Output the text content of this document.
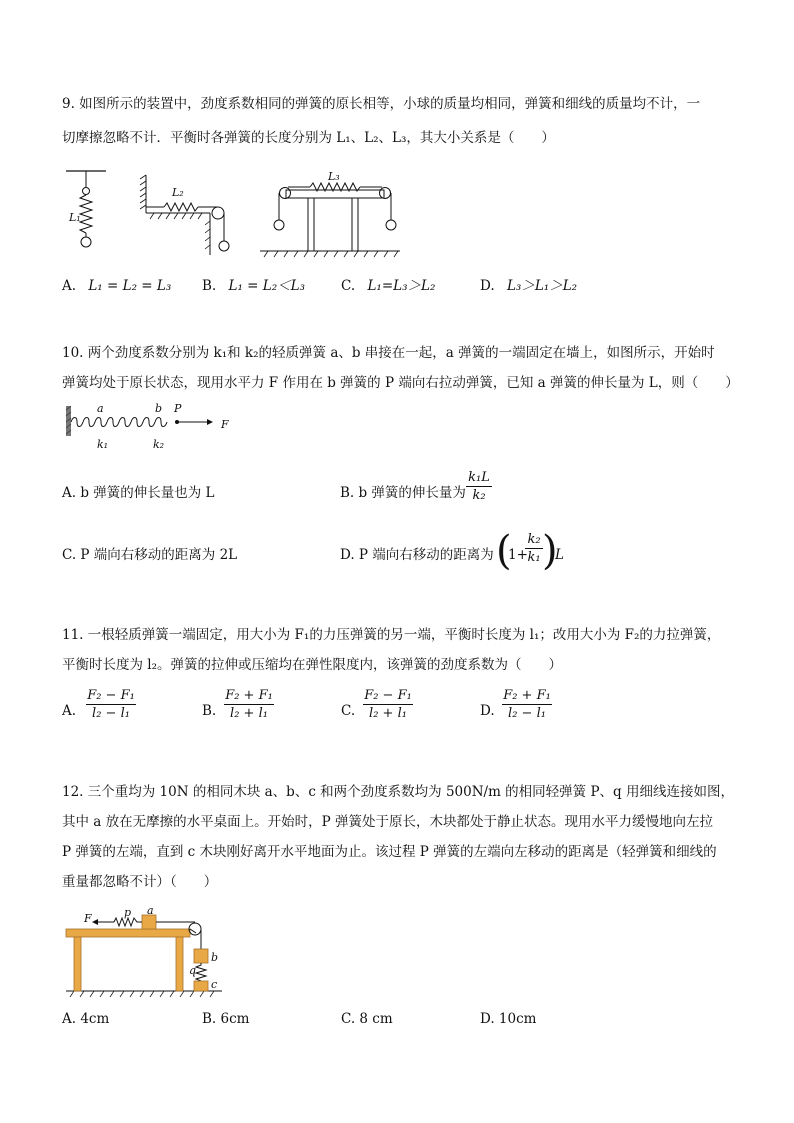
9. 如图所示的装置中，劲度系数相同的弹簧的原长相等，小球的质量均相同，弹簧和细线的质量均不计，一
切摩擦忽略不计．平衡时各弹簧的长度分别为 L₁、L₂、L₃，其大小关系是（　　）
L₁
L₂
L₃
A. L₁ = L₂ = L₃ B. L₁ = L₂＜L₃	C. L₁=L₃＞L₂	D. L₃＞L₁＞L₂
10. 两个劲度系数分别为 k₁和 k₂的轻质弹簧 a、b 串接在一起，a 弹簧的一端固定在墙上，如图所示，开始时
弹簧均处于原长状态，现用水平力 F 作用在 b 弹簧的 P 端向右拉动弹簧，已知 a 弹簧的伸长量为 L，则（　　）
a	b P
F
k₁	k₂
A. b 弹簧的伸长量也为 L	B. b 弹簧的伸长量为
k₁L
k₂
C. P 端向右移动的距离为 2L	D. P 端向右移动的距离为 (
1+
k₂
k₁ )
L
11. 一根轻质弹簧一端固定，用大小为 F₁的力压弹簧的另一端，平衡时长度为 l₁；改用大小为 F₂的力拉弹簧，
平衡时长度为 l₂。弹簧的拉伸或压缩均在弹性限度内，该弹簧的劲度系数为（　　）
A.
F₂ − F₁
l₂ − l₁	B.
F₂ + F₁
l₂ + l₁	C.
F₂ − F₁
l₂ + l₁	D.
F₂ + F₁
l₂ − l₁
12. 三个重均为 10N 的相同木块 a、b、c 和两个劲度系数均为 500N/m 的相同轻弹簧 P、q 用细线连接如图，
其中 a 放在无摩擦的水平桌面上。开始时，P 弹簧处于原长，木块都处于静止状态。现用水平力缓慢地向左拉
P 弹簧的左端，直到 c 木块刚好离开水平地面为止。该过程 P 弹簧的左端向左移动的距离是（轻弹簧和细线的
重量都忽略不计）（　　）
F	p a
b
q
c
A. 4cm	B. 6cm	C. 8 cm	D. 10cm
